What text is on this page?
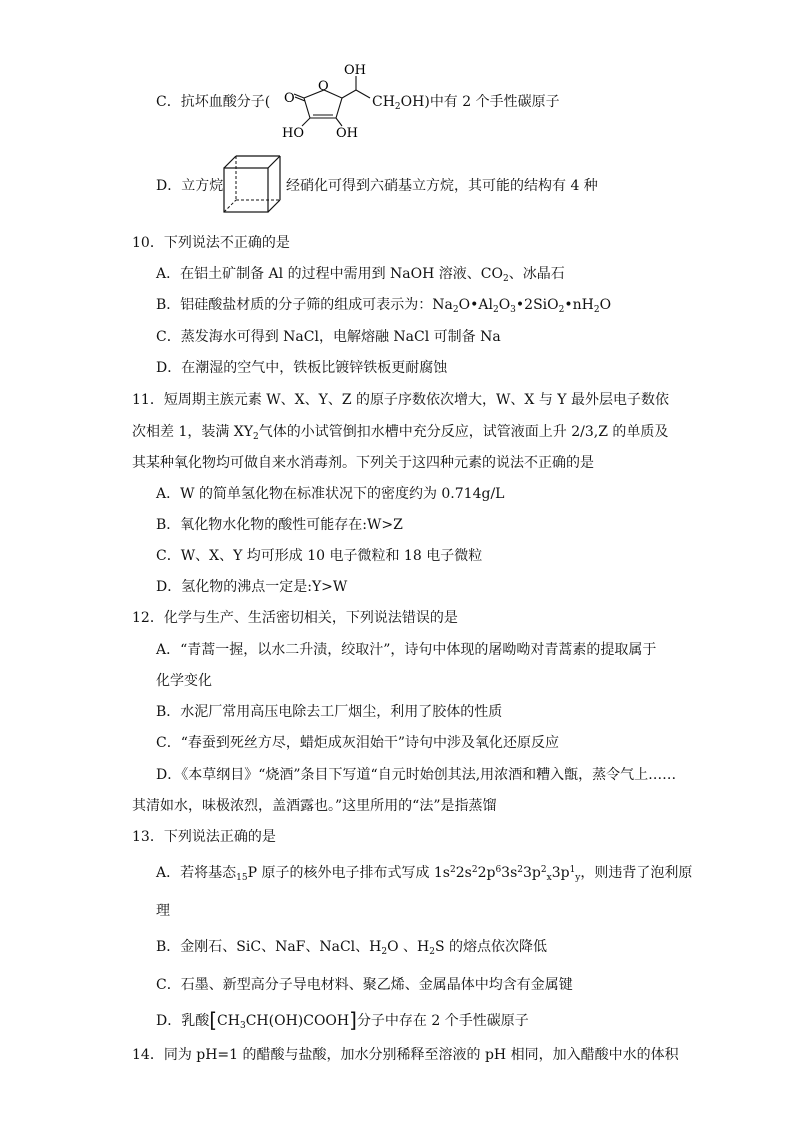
C．抗坏血酸分子(
OH
O
O
HO OH
$CH_2OH$)中有 2 个手性碳原子
D．立方烷	经硝化可得到六硝基立方烷，其可能的结构有 4 种
10．下列说法不正确的是
A．在铝土矿制备 Al 的过程中需用到 NaOH 溶液、$CO_2$、冰晶石
B．铝硅酸盐材质的分子筛的组成可表示为：$Na_2O•Al_2O_3•2SiO_2•nH_2O$
C．蒸发海水可得到 NaCl，电解熔融 NaCl 可制备 Na
D．在潮湿的空气中，铁板比镀锌铁板更耐腐蚀
11．短周期主族元素 W、X、Y、Z 的原子序数依次增大，W、X 与 Y 最外层电子数依
次相差 1，装满 $XY_2$气体的小试管倒扣水槽中充分反应，试管液面上升 2/3,Z 的单质及
其某种氧化物均可做自来水消毒剂。下列关于这四种元素的说法不正确的是
A．W 的简单氢化物在标准状况下的密度约为 0.714g/L
B．氧化物水化物的酸性可能存在:W>Z
C．W、X、Y 均可形成 10 电子微粒和 18 电子微粒
D．氢化物的沸点一定是:Y>W
12．化学与生产、生活密切相关，下列说法错误的是
A．“青蒿一握，以水二升渍，绞取汁”，诗句中体现的屠呦呦对青蒿素的提取属于
化学变化
B．水泥厂常用高压电除去工厂烟尘，利用了胶体的性质
C．“春蚕到死丝方尽，蜡炬成灰泪始干”诗句中涉及氧化还原反应
D．《本草纲目》“烧酒”条目下写道“自元时始创其法,用浓酒和糟入甑，蒸令气上……
其清如水，味极浓烈，盖酒露也。”这里所用的“法”是指蒸馏
13．下列说法正确的是
A．若将基态$_{15}$P 原子的核外电子排布式写成 $1s^22s^22p^63s^23p^2_x3p^1_y$，则违背了泡利原
理
B．金刚石、SiC、NaF、NaCl、$H_2O$ 、$H_2S$ 的熔点依次降低
C．石墨、新型高分子导电材料、聚乙烯、金属晶体中均含有金属键
D．乳酸$[CH_3CH(OH)COOH]$分子中存在 2 个手性碳原子
14．同为 pH=1 的醋酸与盐酸，加水分别稀释至溶液的 pH 相同，加入醋酸中水的体积
